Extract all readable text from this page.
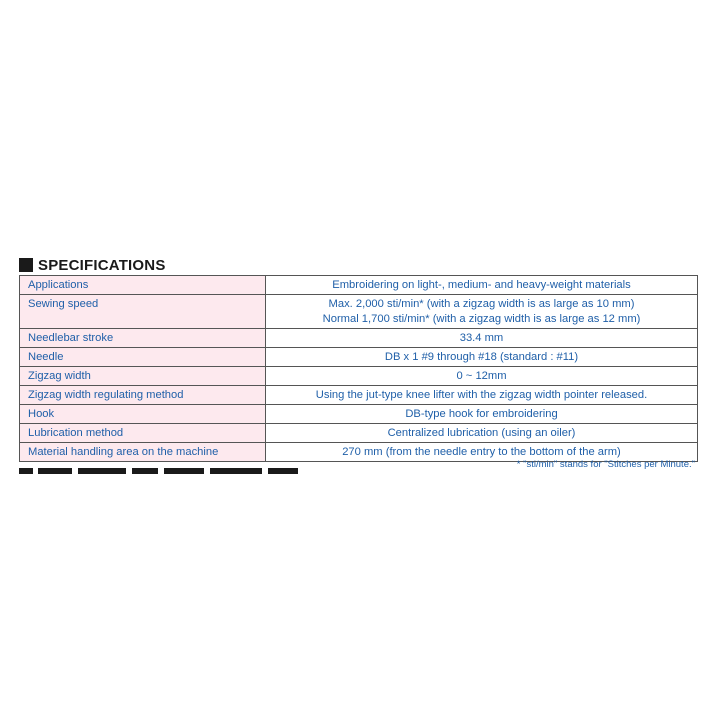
SPECIFICATIONS
Applications	Embroidering on light-, medium- and heavy-weight materials

Sewing speed	Max. 2,000 sti/min* (with a zigzag width is as large as 10 mm)
Normal 1,700 sti/min* (with a zigzag width is as large as 12 mm)

Needlebar stroke	33.4 mm

Needle	DB x 1 #9 through #18 (standard : #11)

Zigzag width	0 ~ 12mm

Zigzag width regulating method	Using the jut-type knee lifter with the zigzag width pointer released.

Hook	DB-type hook for embroidering

Lubrication method	Centralized lubrication (using an oiler)

Material handling area on the machine	270 mm (from the needle entry to the bottom of the arm)
* "sti/min" stands for "Stitches per Minute."
